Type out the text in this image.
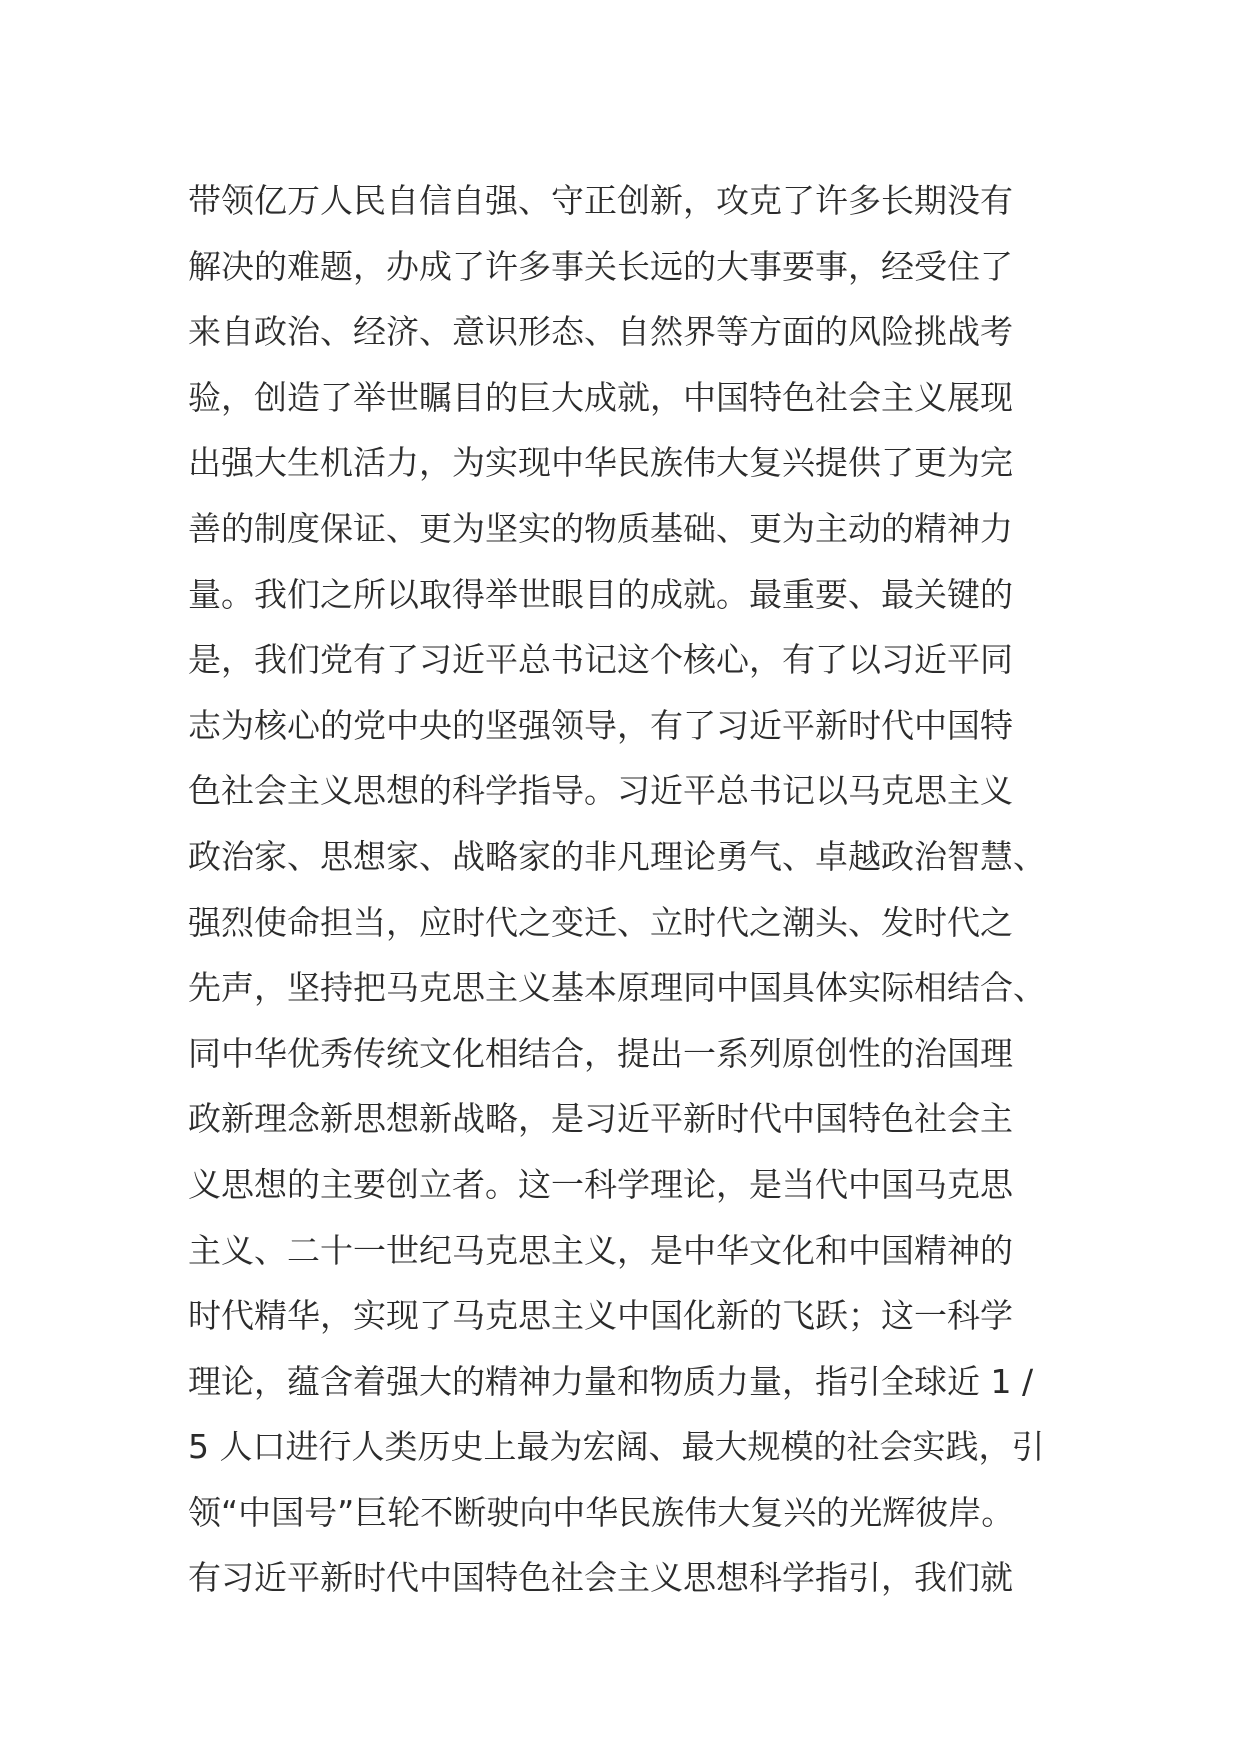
带领亿万人民自信自强、守正创新，攻克了许多长期没有
解决的难题，办成了许多事关长远的大事要事，经受住了
来自政治、经济、意识形态、自然界等方面的风险挑战考
验，创造了举世瞩目的巨大成就，中国特色社会主义展现
出强大生机活力，为实现中华民族伟大复兴提供了更为完
善的制度保证、更为坚实的物质基础、更为主动的精神力
量。我们之所以取得举世眼目的成就。最重要、最关键的
是，我们党有了习近平总书记这个核心，有了以习近平同
志为核心的党中央的坚强领导，有了习近平新时代中国特
色社会主义思想的科学指导。习近平总书记以马克思主义
政治家、思想家、战略家的非凡理论勇气、卓越政治智慧、
强烈使命担当，应时代之变迁、立时代之潮头、发时代之
先声，坚持把马克思主义基本原理同中国具体实际相结合、
同中华优秀传统文化相结合，提出一系列原创性的治国理
政新理念新思想新战略，是习近平新时代中国特色社会主
义思想的主要创立者。这一科学理论，是当代中国马克思
主义、二十一世纪马克思主义，是中华文化和中国精神的
时代精华，实现了马克思主义中国化新的飞跃；这一科学
理论，蕴含着强大的精神力量和物质力量，指引全球近 1 /
5 人口进行人类历史上最为宏阔、最大规模的社会实践，引
领“中国号”巨轮不断驶向中华民族伟大复兴的光辉彼岸。
有习近平新时代中国特色社会主义思想科学指引，我们就
